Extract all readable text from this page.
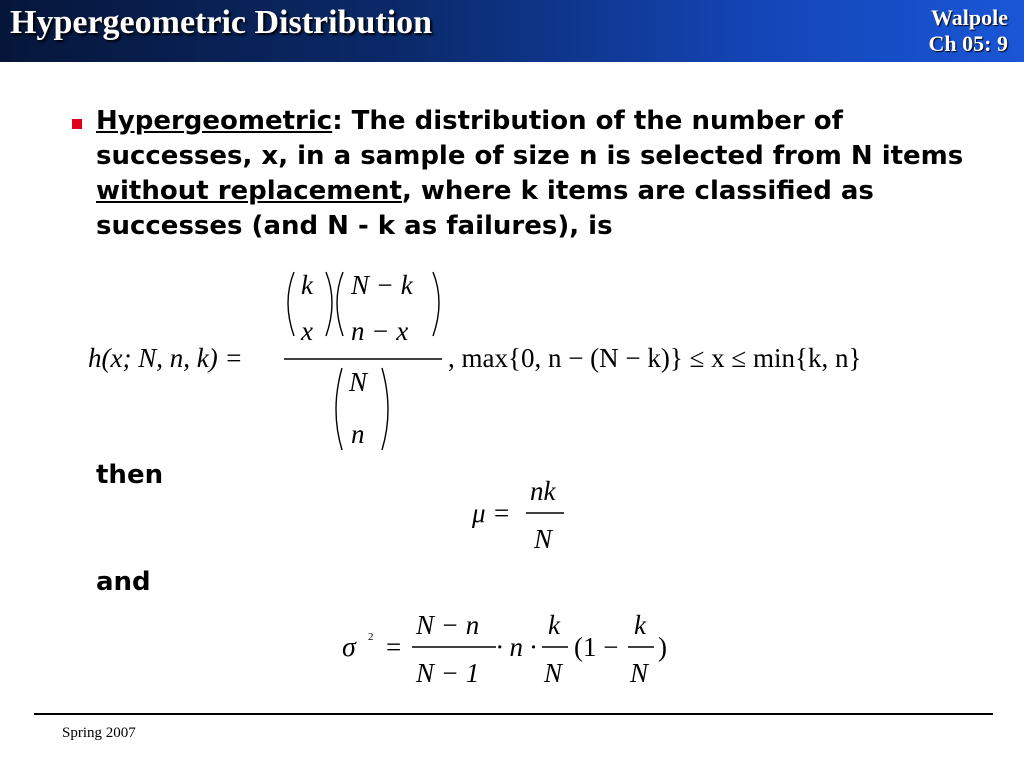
Hypergeometric Distribution	Walpole
Ch 05: 9
Hypergeometric: The distribution of the number of successes, x, in a sample of size n is selected from N items without replacement, where k items are classified as successes (and N - k as failures), is
h(x; N, n, k) =
k
x
N − k
n − x
N
n
, max{0, n − (N − k)} ≤ x ≤ min{k, n}
then
μ =
nk
N
and
σ 2 =
N − n
N − 1
· n ·
k
N
(1 −
k
N
)
Spring 2007
